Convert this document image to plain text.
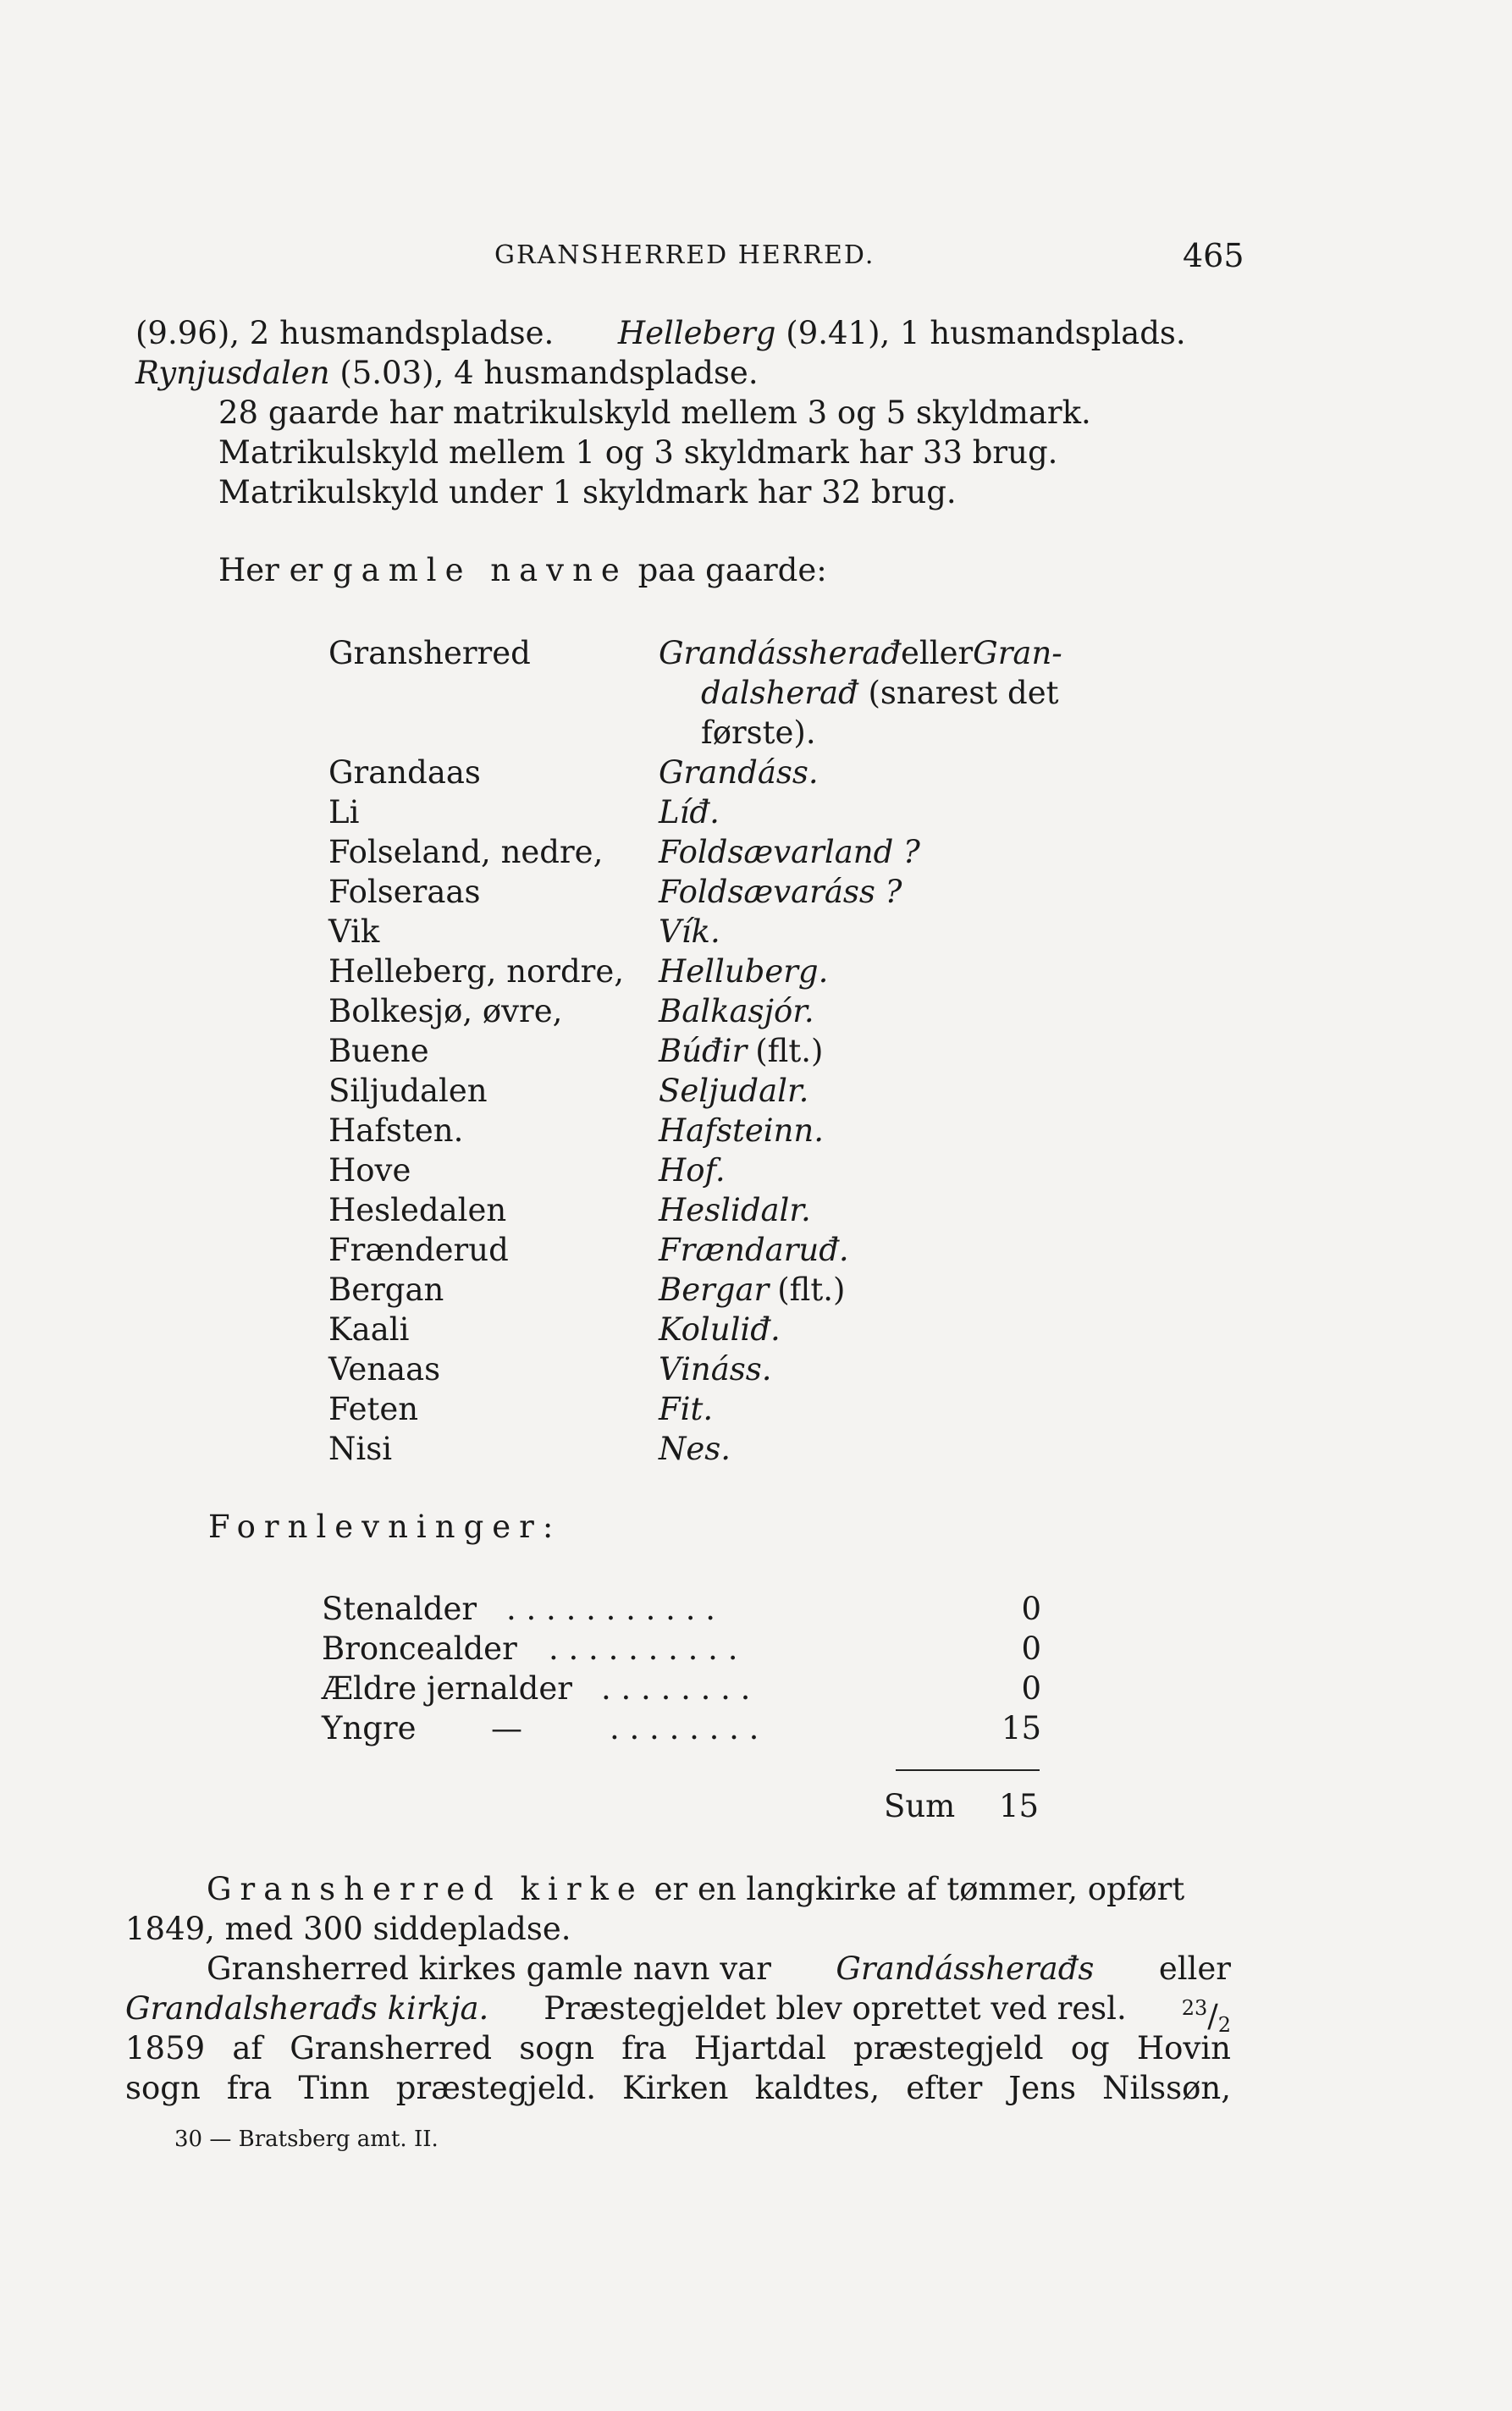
GRANSHERRED HERRED.	465
(9.96), 2 husmandspladse. Helleberg (9.41), 1 husmandsplads.
Rynjusdalen (5.03), 4 husmandspladse.
28 gaarde har matrikulskyld mellem 3 og 5 skyldmark.
Matrikulskyld mellem 1 og 3 skyldmark har 33 brug.
Matrikulskyld under 1 skyldmark har 32 brug.
Her er gamle navne paa gaarde:
Gransherred	GrandássherađellerGran-
dalsherađ (snarest det
første).
Grandaas	Grandáss.
Li	Líđ.
Folseland, nedre, Foldsævarland ?
Folseraas	Foldsævaráss ?
Vik	Vík.
Helleberg, nordre, Helluberg.
Bolkesjø, øvre,	Balkasjór.
Buene	Búđir (flt.)
Siljudalen	Seljudalr.
Hafsten.	Hafsteinn.
Hove	Hof.
Hesledalen	Heslidalr.
Frænderud	Frændaruđ.
Bergan	Bergar (flt.)
Kaali	Koluliđ.
Venaas	Vináss.
Feten	Fit.
Nisi	Nes.
Fornlevninger:
Stenalder . . . . . . . . . . .	0
Broncealder . . . . . . . . . .	0
Ældre jernalder . . . . . . . .	0
Yngre —	. . . . . . . .	15
Sum 15
Gransherred kirke er en langkirke af tømmer, opført
1849, med 300 siddepladse.
Gransherred kirkes gamle navn var Grandássherađs eller
Grandalsherađs kirkja. Præstegjeldet blev oprettet ved resl.	$^{23}/_2$
1859 af Gransherred sogn fra Hjartdal præstegjeld og Hovin
sogn fra Tinn præstegjeld. Kirken kaldtes, efter Jens Nilssøn,
30 — Bratsberg amt. II.
